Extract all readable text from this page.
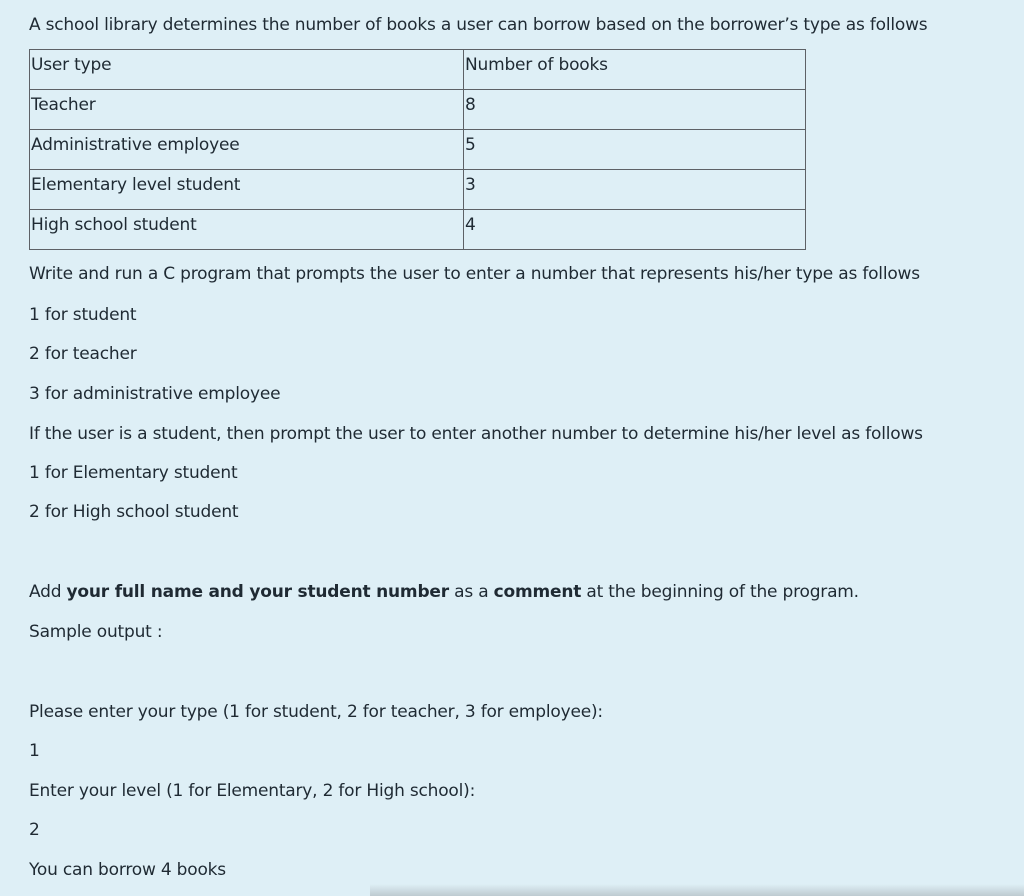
A school library determines the number of books a user can borrow based on the borrower’s type as follows
User type	Number of books
Teacher	8
Administrative employee	5
Elementary level student	3
High school student	4
Write and run a C program that prompts the user to enter a number that represents his/her type as follows
1 for student
2 for teacher
3 for administrative employee
If the user is a student, then prompt the user to enter another number to determine his/her level as follows
1 for Elementary student
2 for High school student
Add your full name and your student number as a comment at the beginning of the program.
Sample output :
Please enter your type (1 for student, 2 for teacher, 3 for employee):
1
Enter your level (1 for Elementary, 2 for High school):
2
You can borrow 4 books
